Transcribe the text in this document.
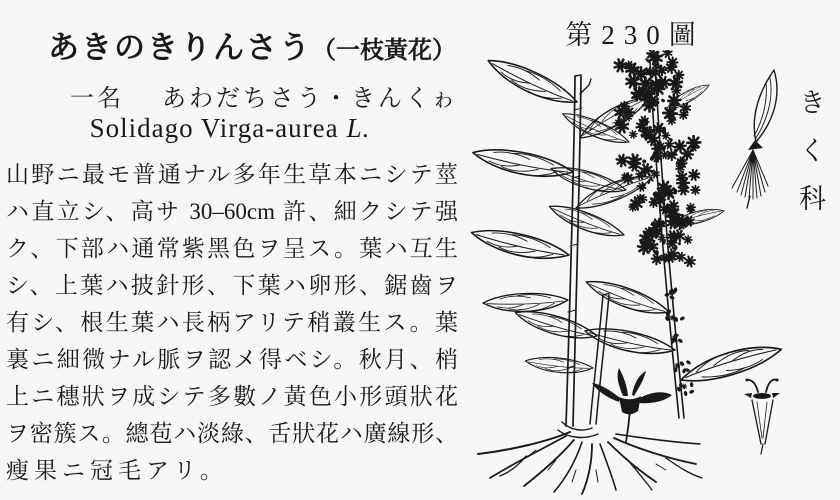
あきのきりんさう（一枝黃花）
一名 あわだちさう・きんくゎ
Solidago Virga-aurea L.
山野ニ最モ普通ナル多年生草本ニシテ莖
ハ直立シ、高サ 30–60cm 許、細クシテ强
ク、下部ハ通常紫黑色ヲ呈ス。葉ハ互生
シ、上葉ハ披針形、下葉ハ卵形、鋸齒ヲ
有シ、根生葉ハ長柄アリテ稍叢生ス。葉
裏ニ細微ナル脈ヲ認メ得ベシ。秋月、梢
上ニ穗狀ヲ成シテ多數ノ黃色小形頭狀花
ヲ密簇ス。總苞ハ淡綠、舌狀花ハ廣線形、
瘦果ニ冠毛アリ。
第230圖
きく科
